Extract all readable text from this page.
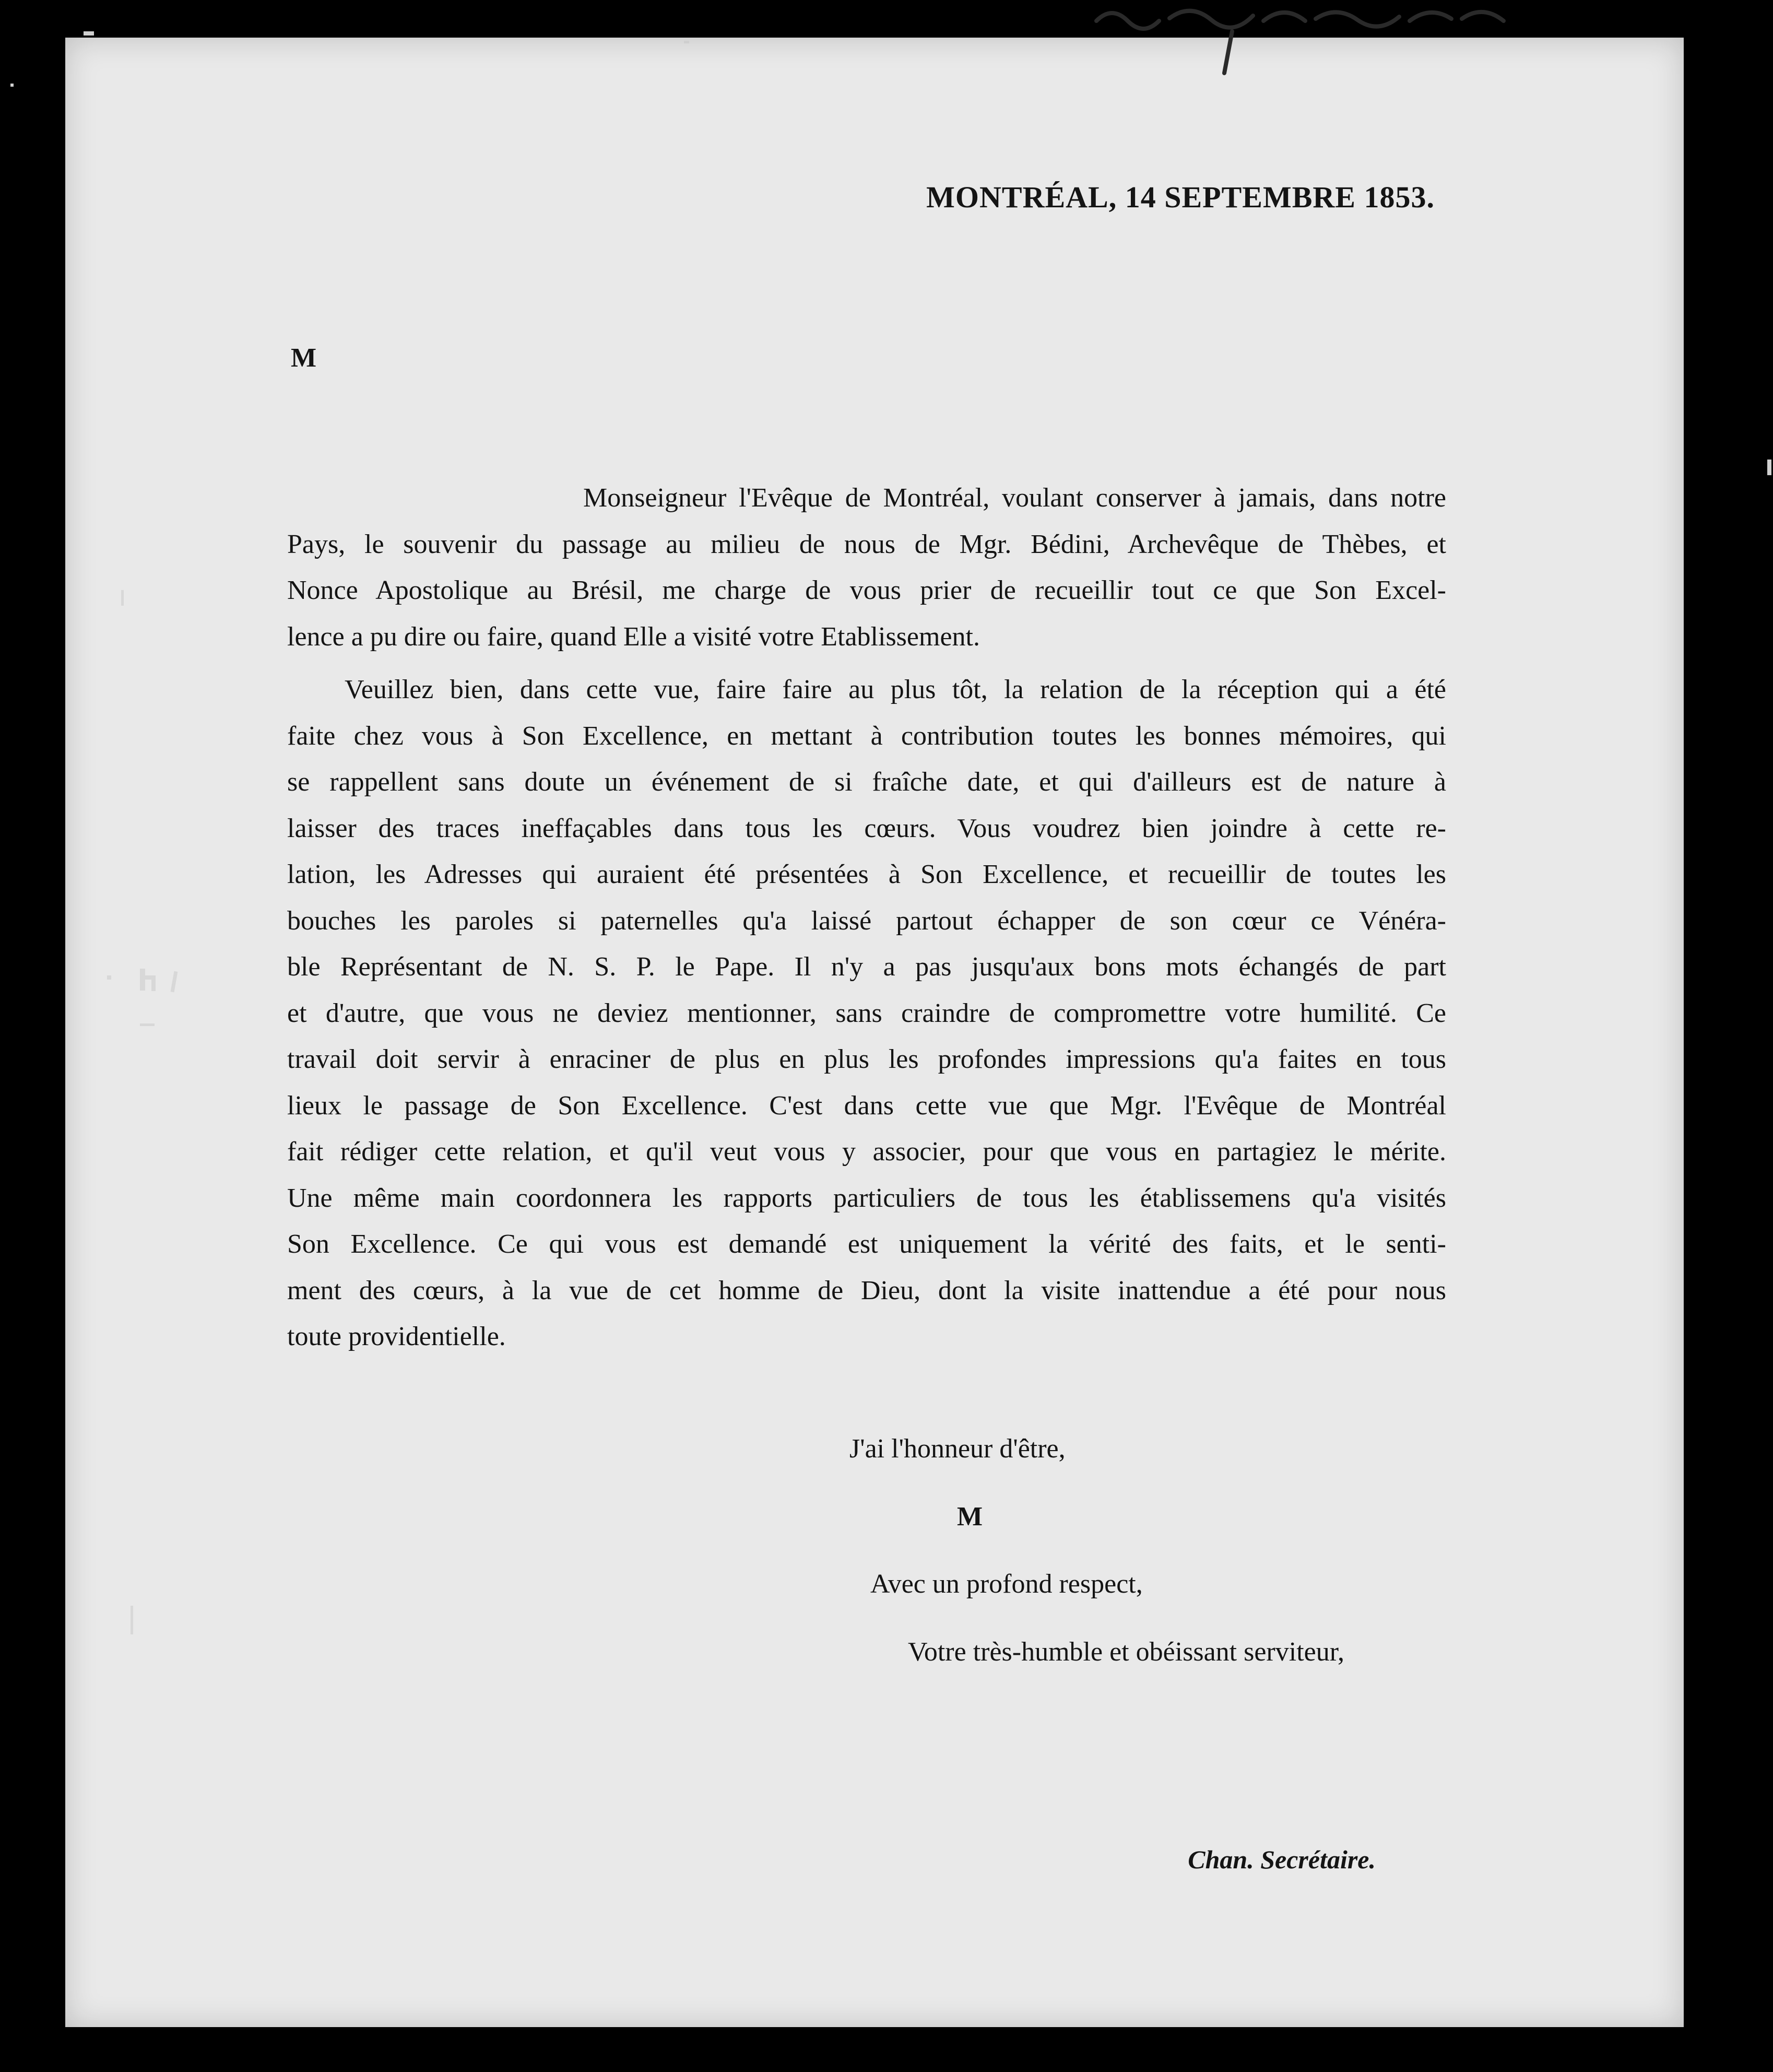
MONTRÉAL, 14 SEPTEMBRE 1853.
M
Monseigneur l'Evêque de Montréal, voulant conserver à jamais, dans notre
Pays, le souvenir du passage au milieu de nous de Mgr. Bédini, Archevêque de Thèbes, et
Nonce Apostolique au Brésil, me charge de vous prier de recueillir tout ce que Son Excel-
lence a pu dire ou faire, quand Elle a visité votre Etablissement.
Veuillez bien, dans cette vue, faire faire au plus tôt, la relation de la réception qui a été
faite chez vous à Son Excellence, en mettant à contribution toutes les bonnes mémoires, qui
se rappellent sans doute un événement de si fraîche date, et qui d'ailleurs est de nature à
laisser des traces ineffaçables dans tous les cœurs. Vous voudrez bien joindre à cette re-
lation, les Adresses qui auraient été présentées à Son Excellence, et recueillir de toutes les
bouches les paroles si paternelles qu'a laissé partout échapper de son cœur ce Vénéra-
ble Représentant de N. S. P. le Pape. Il n'y a pas jusqu'aux bons mots échangés de part
et d'autre, que vous ne deviez mentionner, sans craindre de compromettre votre humilité. Ce
travail doit servir à enraciner de plus en plus les profondes impressions qu'a faites en tous
lieux le passage de Son Excellence. C'est dans cette vue que Mgr. l'Evêque de Montréal
fait rédiger cette relation, et qu'il veut vous y associer, pour que vous en partagiez le mérite.
Une même main coordonnera les rapports particuliers de tous les établissemens qu'a visités
Son Excellence. Ce qui vous est demandé est uniquement la vérité des faits, et le senti-
ment des cœurs, à la vue de cet homme de Dieu, dont la visite inattendue a été pour nous
toute providentielle.
J'ai l'honneur d'être,
M
Avec un profond respect,
Votre très-humble et obéissant serviteur,
Chan. Secrétaire.
